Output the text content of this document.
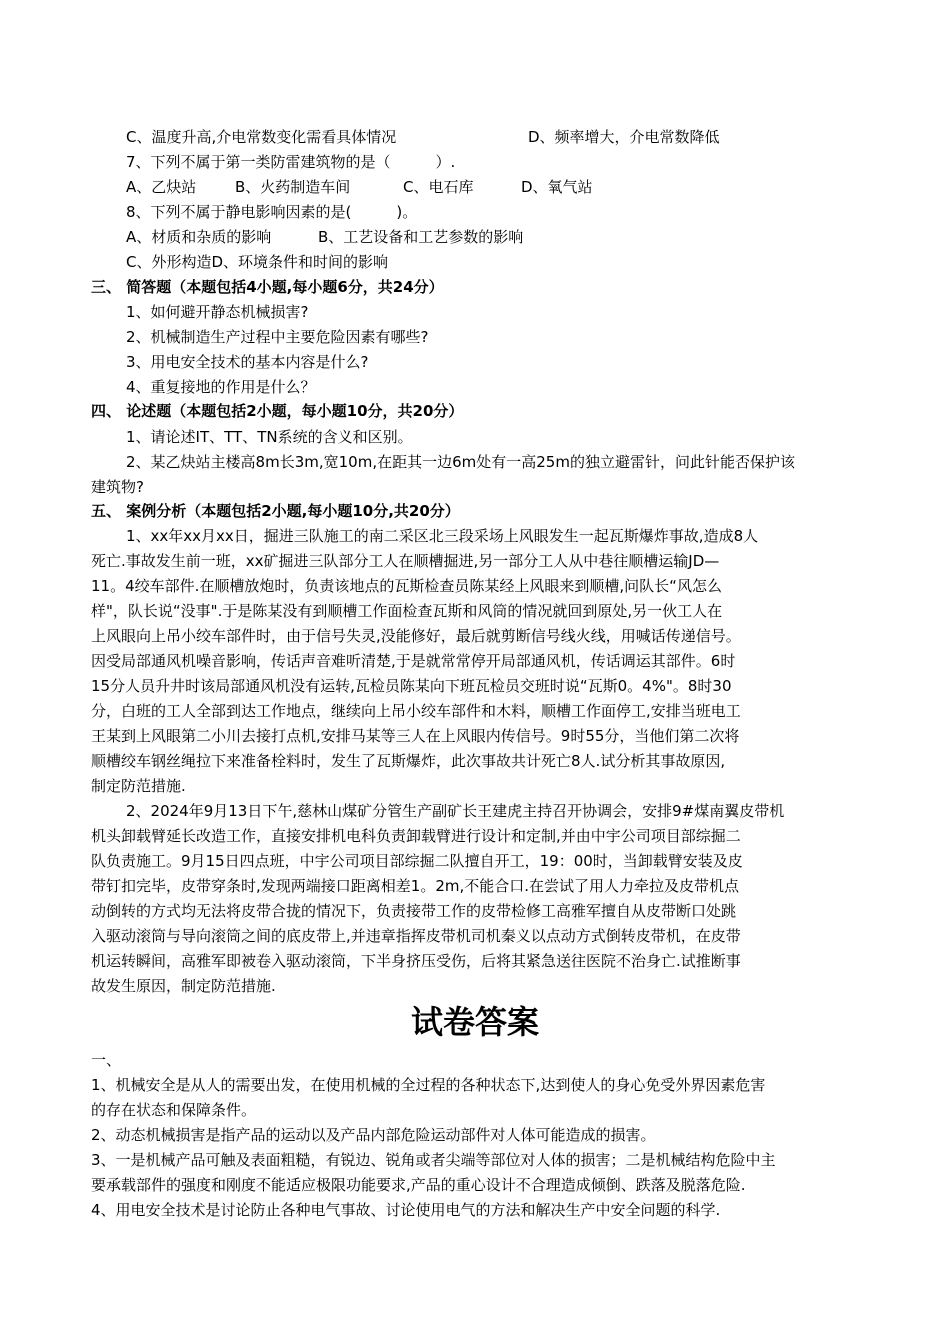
C、温度升高,介电常数变化需看具体情况	D、频率增大，介电常数降低
7、下列不属于第一类防雷建筑物的是（　　　）.
A、乙炔站	B、火药制造车间	C、电石库	D、氧气站
8、下列不属于静电影响因素的是(　　　)。
A、材质和杂质的影响	B、工艺设备和工艺参数的影响
C、外形构造D、环境条件和时间的影响
三、 简答题（本题包括4小题,每小题6分，共24分）
1、如何避开静态机械损害?
2、机械制造生产过程中主要危险因素有哪些?
3、用电安全技术的基本内容是什么?
4、重复接地的作用是什么？
四、 论述题（本题包括2小题，每小题10分，共20分）
1、请论述IT、TT、TN系统的含义和区别。
2、某乙炔站主楼高8m长3m,宽10m,在距其一边6m处有一高25m的独立避雷针，问此针能否保护该
建筑物?
五、 案例分析（本题包括2小题,每小题10分,共20分）
1、xx年xx月xx日，掘进三队施工的南二采区北三段采场上风眼发生一起瓦斯爆炸事故,造成8人
死亡.事故发生前一班，xx矿掘进三队部分工人在顺槽掘进,另一部分工人从中巷往顺槽运输JD—
11。4绞车部件.在顺槽放炮时，负责该地点的瓦斯检查员陈某经上风眼来到顺槽,问队长“风怎么
样"，队长说“没事".于是陈某没有到顺槽工作面检查瓦斯和风筒的情况就回到原处,另一伙工人在
上风眼向上吊小绞车部件时，由于信号失灵,没能修好，最后就剪断信号线火线，用喊话传递信号。
因受局部通风机噪音影响，传话声音难听清楚,于是就常常停开局部通风机，传话调运其部件。6时
15分人员升井时该局部通风机没有运转,瓦检员陈某向下班瓦检员交班时说“瓦斯0。4%"。8时30
分，白班的工人全部到达工作地点，继续向上吊小绞车部件和木料，顺槽工作面停工,安排当班电工
王某到上风眼第二小川去接打点机,安排马某等三人在上风眼内传信号。9时55分，当他们第二次将
顺槽绞车钢丝绳拉下来准备栓料时，发生了瓦斯爆炸，此次事故共计死亡8人.试分析其事故原因,
制定防范措施.
2、2024年9月13日下午,慈林山煤矿分管生产副矿长王建虎主持召开协调会，安排9#煤南翼皮带机
机头卸载臂延长改造工作，直接安排机电科负责卸载臂进行设计和定制,并由中宇公司项目部综掘二
队负责施工。9月15日四点班，中宇公司项目部综掘二队擅自开工，19：00时，当卸载臂安装及皮
带钉扣完毕，皮带穿条时,发现两端接口距离相差1。2m,不能合口.在尝试了用人力牵拉及皮带机点
动倒转的方式均无法将皮带合拢的情况下，负责接带工作的皮带检修工高雅军擅自从皮带断口处跳
入驱动滚筒与导向滚筒之间的底皮带上,并违章指挥皮带机司机秦义以点动方式倒转皮带机，在皮带
机运转瞬间，高雅军即被卷入驱动滚筒，下半身挤压受伤，后将其紧急送往医院不治身亡.试推断事
故发生原因，制定防范措施.
试卷答案
一、
1、机械安全是从人的需要出发，在使用机械的全过程的各种状态下,达到使人的身心免受外界因素危害
的存在状态和保障条件。
2、动态机械损害是指产品的运动以及产品内部危险运动部件对人体可能造成的损害。
3、一是机械产品可触及表面粗糙，有锐边、锐角或者尖端等部位对人体的损害；二是机械结构危险中主
要承载部件的强度和刚度不能适应极限功能要求,产品的重心设计不合理造成倾倒、跌落及脱落危险.
4、用电安全技术是讨论防止各种电气事故、讨论使用电气的方法和解决生产中安全问题的科学.
